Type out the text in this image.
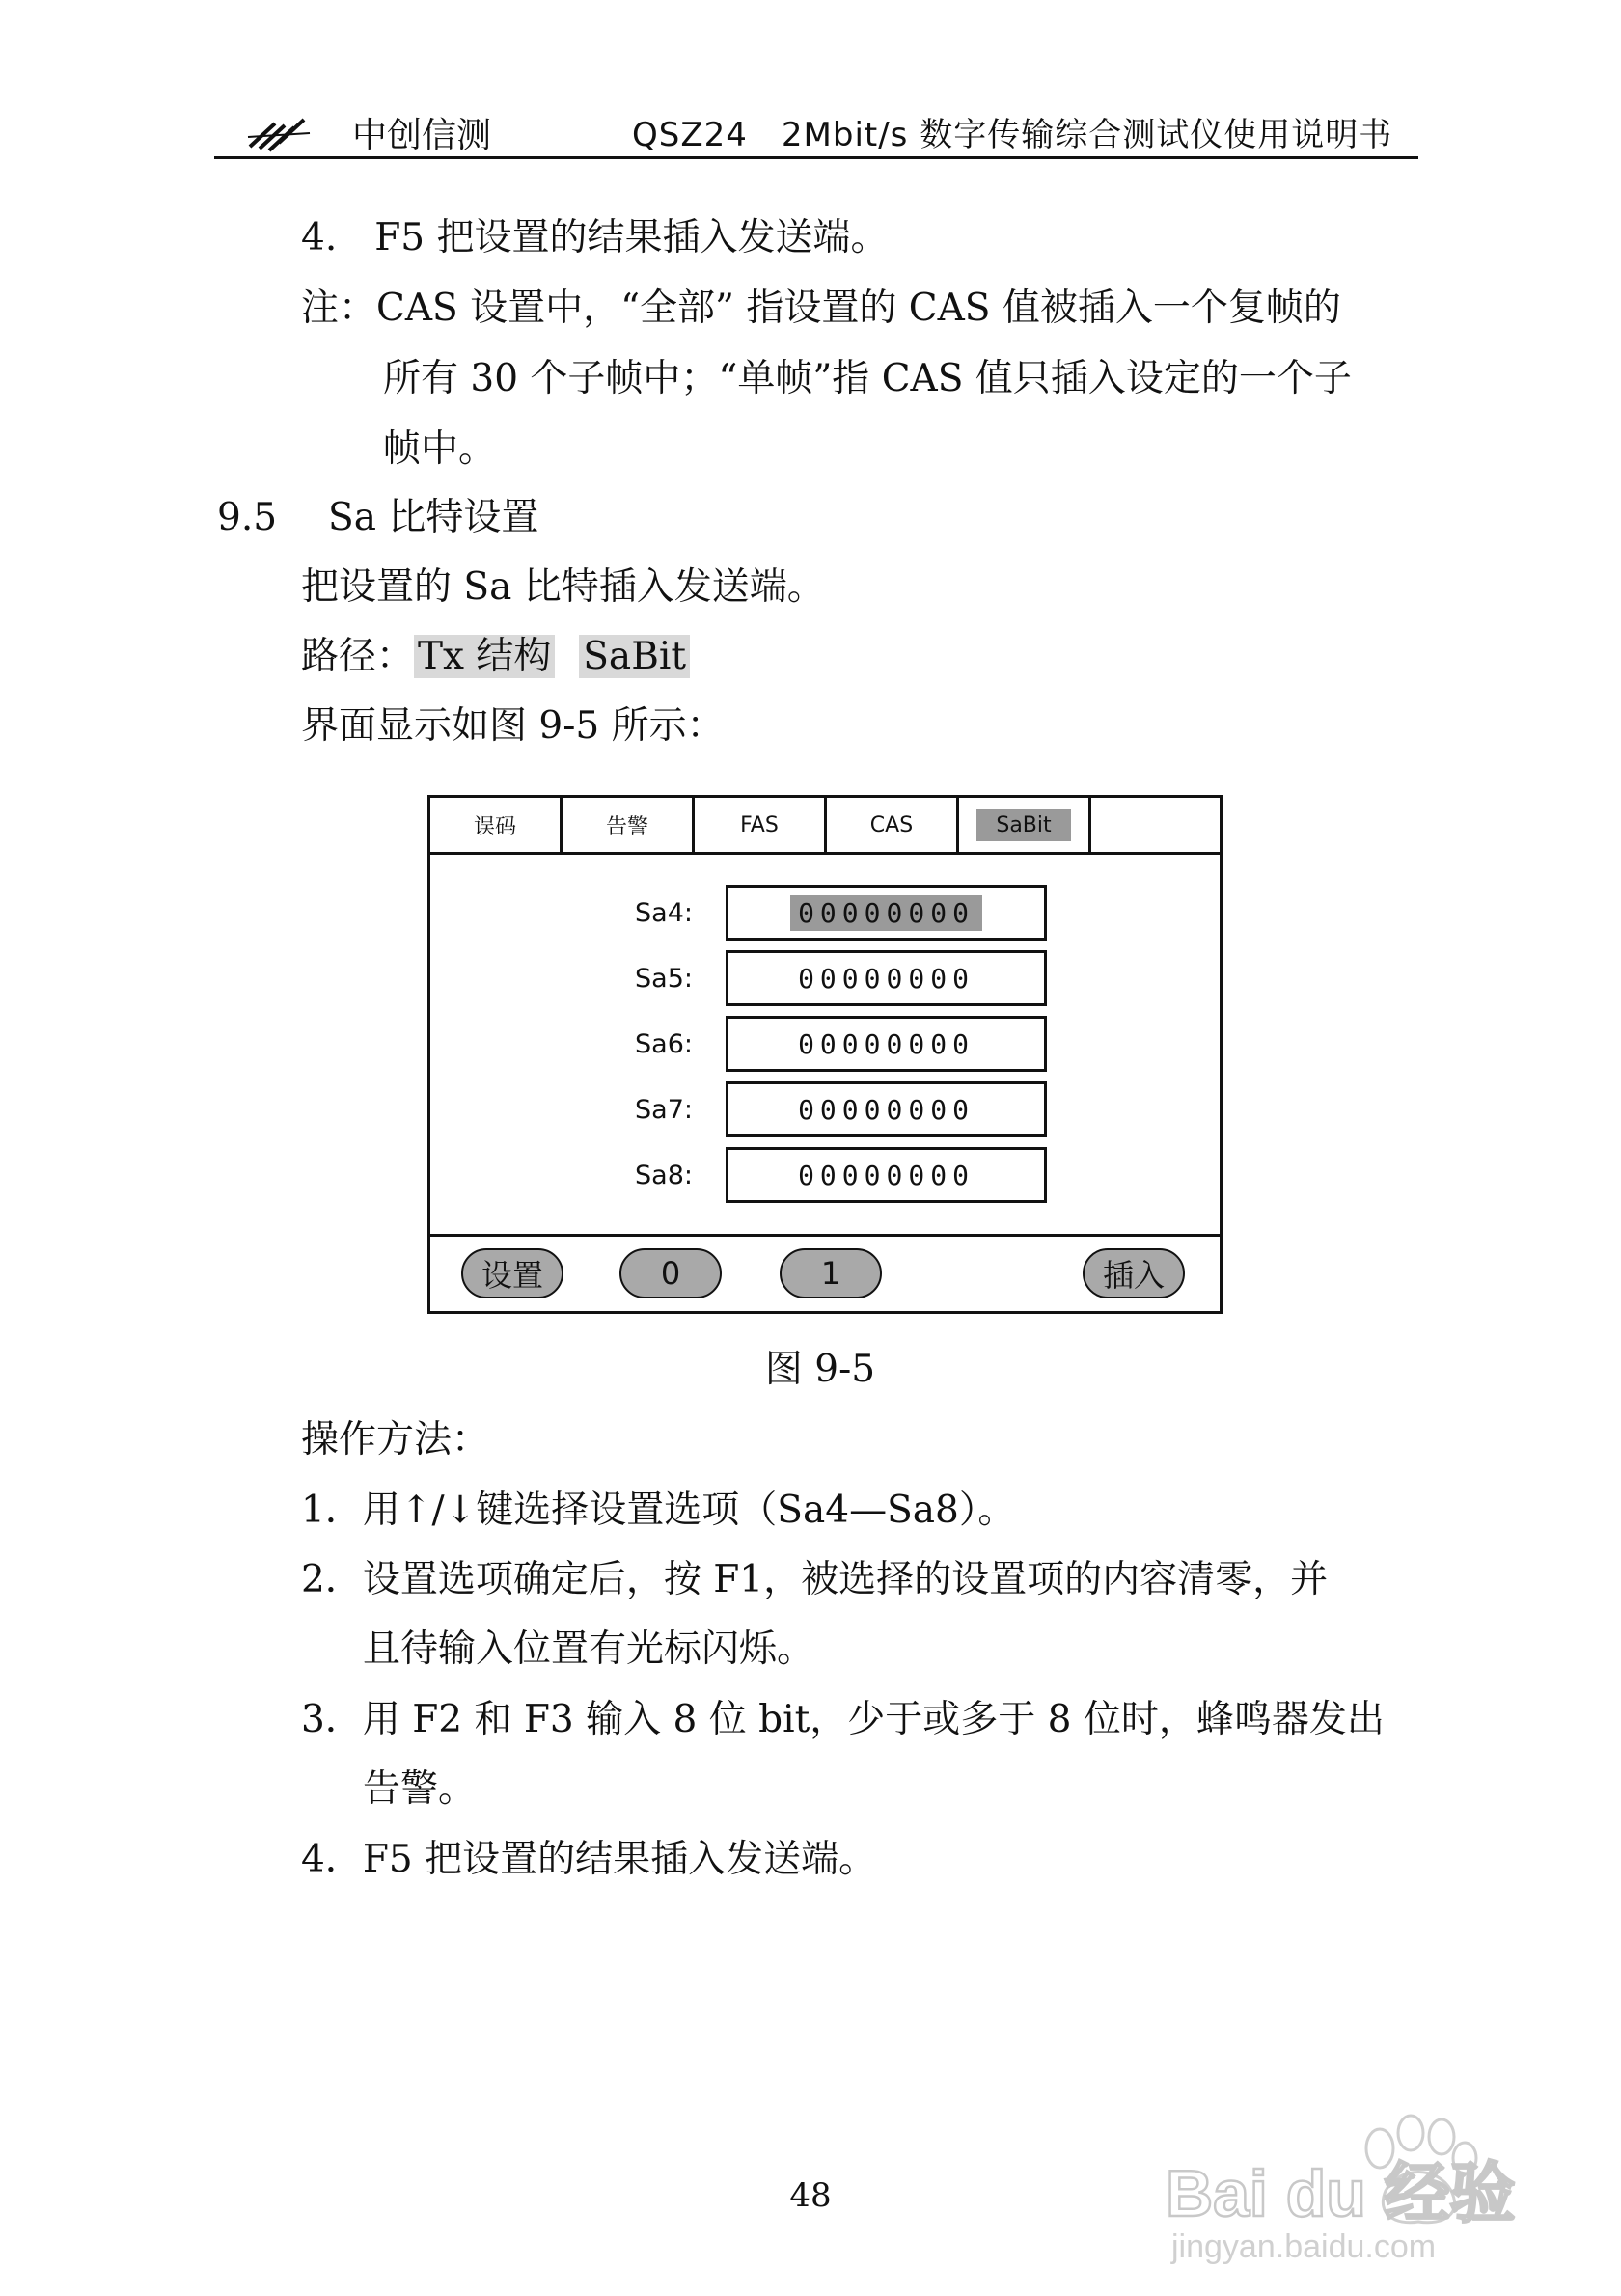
中创信测	QSZ24　2Mbit/s 数字传输综合测试仪使用说明书
4.　F5 把设置的结果插入发送端。
注：CAS 设置中，“全部” 指设置的 CAS 值被插入一个复帧的
所有 30 个子帧中；“单帧”指 CAS 值只插入设定的一个子
帧中。
9.5 Sa 比特设置
把设置的 Sa 比特插入发送端。
路径： Tx 结构 SaBit
界面显示如图 9-5 所示：
误码	告警	FAS	CAS	SaBit
Sa4:	00000000
Sa5:	00000000
Sa6:	00000000
Sa7:	00000000
Sa8:	00000000
设置	0	1	插入
图 9-5
操作方法：
1．用↑/↓键选择设置选项（Sa4—Sa8）。
2．设置选项确定后，按 F1，被选择的设置项的内容清零，并
且待输入位置有光标闪烁。
3．用 F2 和 F3 输入 8 位 bit，少于或多于 8 位时，蜂鸣器发出
告警。
4．F5 把设置的结果插入发送端。
48	Bai du 经验
jingyan.baidu.com
